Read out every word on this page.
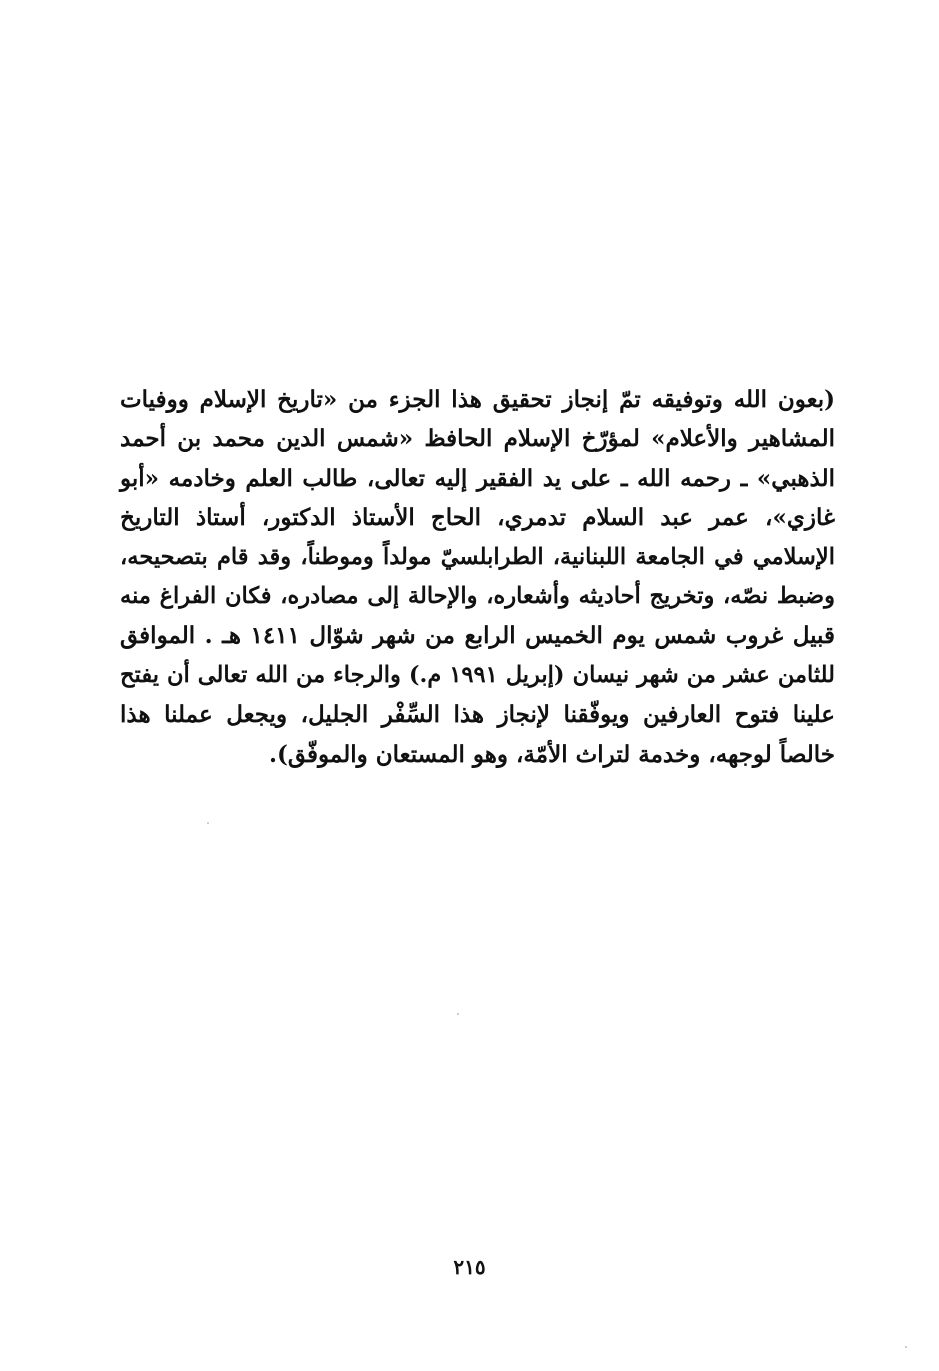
(بعون الله وتوفيقه تمّ إنجاز تحقيق هذا الجزء من «تاريخ الإسلام ووفيات
المشاهير والأعلام» لمؤرّخ الإسلام الحافظ «شمس الدين محمد بن أحمد
الذهبي» ـ رحمه الله ـ على يد الفقير إليه تعالى، طالب العلم وخادمه «أبو
غازي»، عمر عبد السلام تدمري، الحاج الأستاذ الدكتور، أستاذ التاريخ
الإسلامي في الجامعة اللبنانية، الطرابلسيّ مولداً وموطناً، وقد قام بتصحيحه،
وضبط نصّه، وتخريج أحاديثه وأشعاره، والإحالة إلى مصادره، فكان الفراغ منه
قبيل غروب شمس يوم الخميس الرابع من شهر شوّال ١٤١١ هـ . الموافق
للثامن عشر من شهر نيسان (إبريل ١٩٩١ م.) والرجاء من الله تعالى أن يفتح
علينا فتوح العارفين ويوفّقنا لإنجاز هذا السِّفْر الجليل، ويجعل عملنا هذا
خالصاً لوجهه، وخدمة لتراث الأمّة، وهو المستعان والموفّق).
٢١٥
